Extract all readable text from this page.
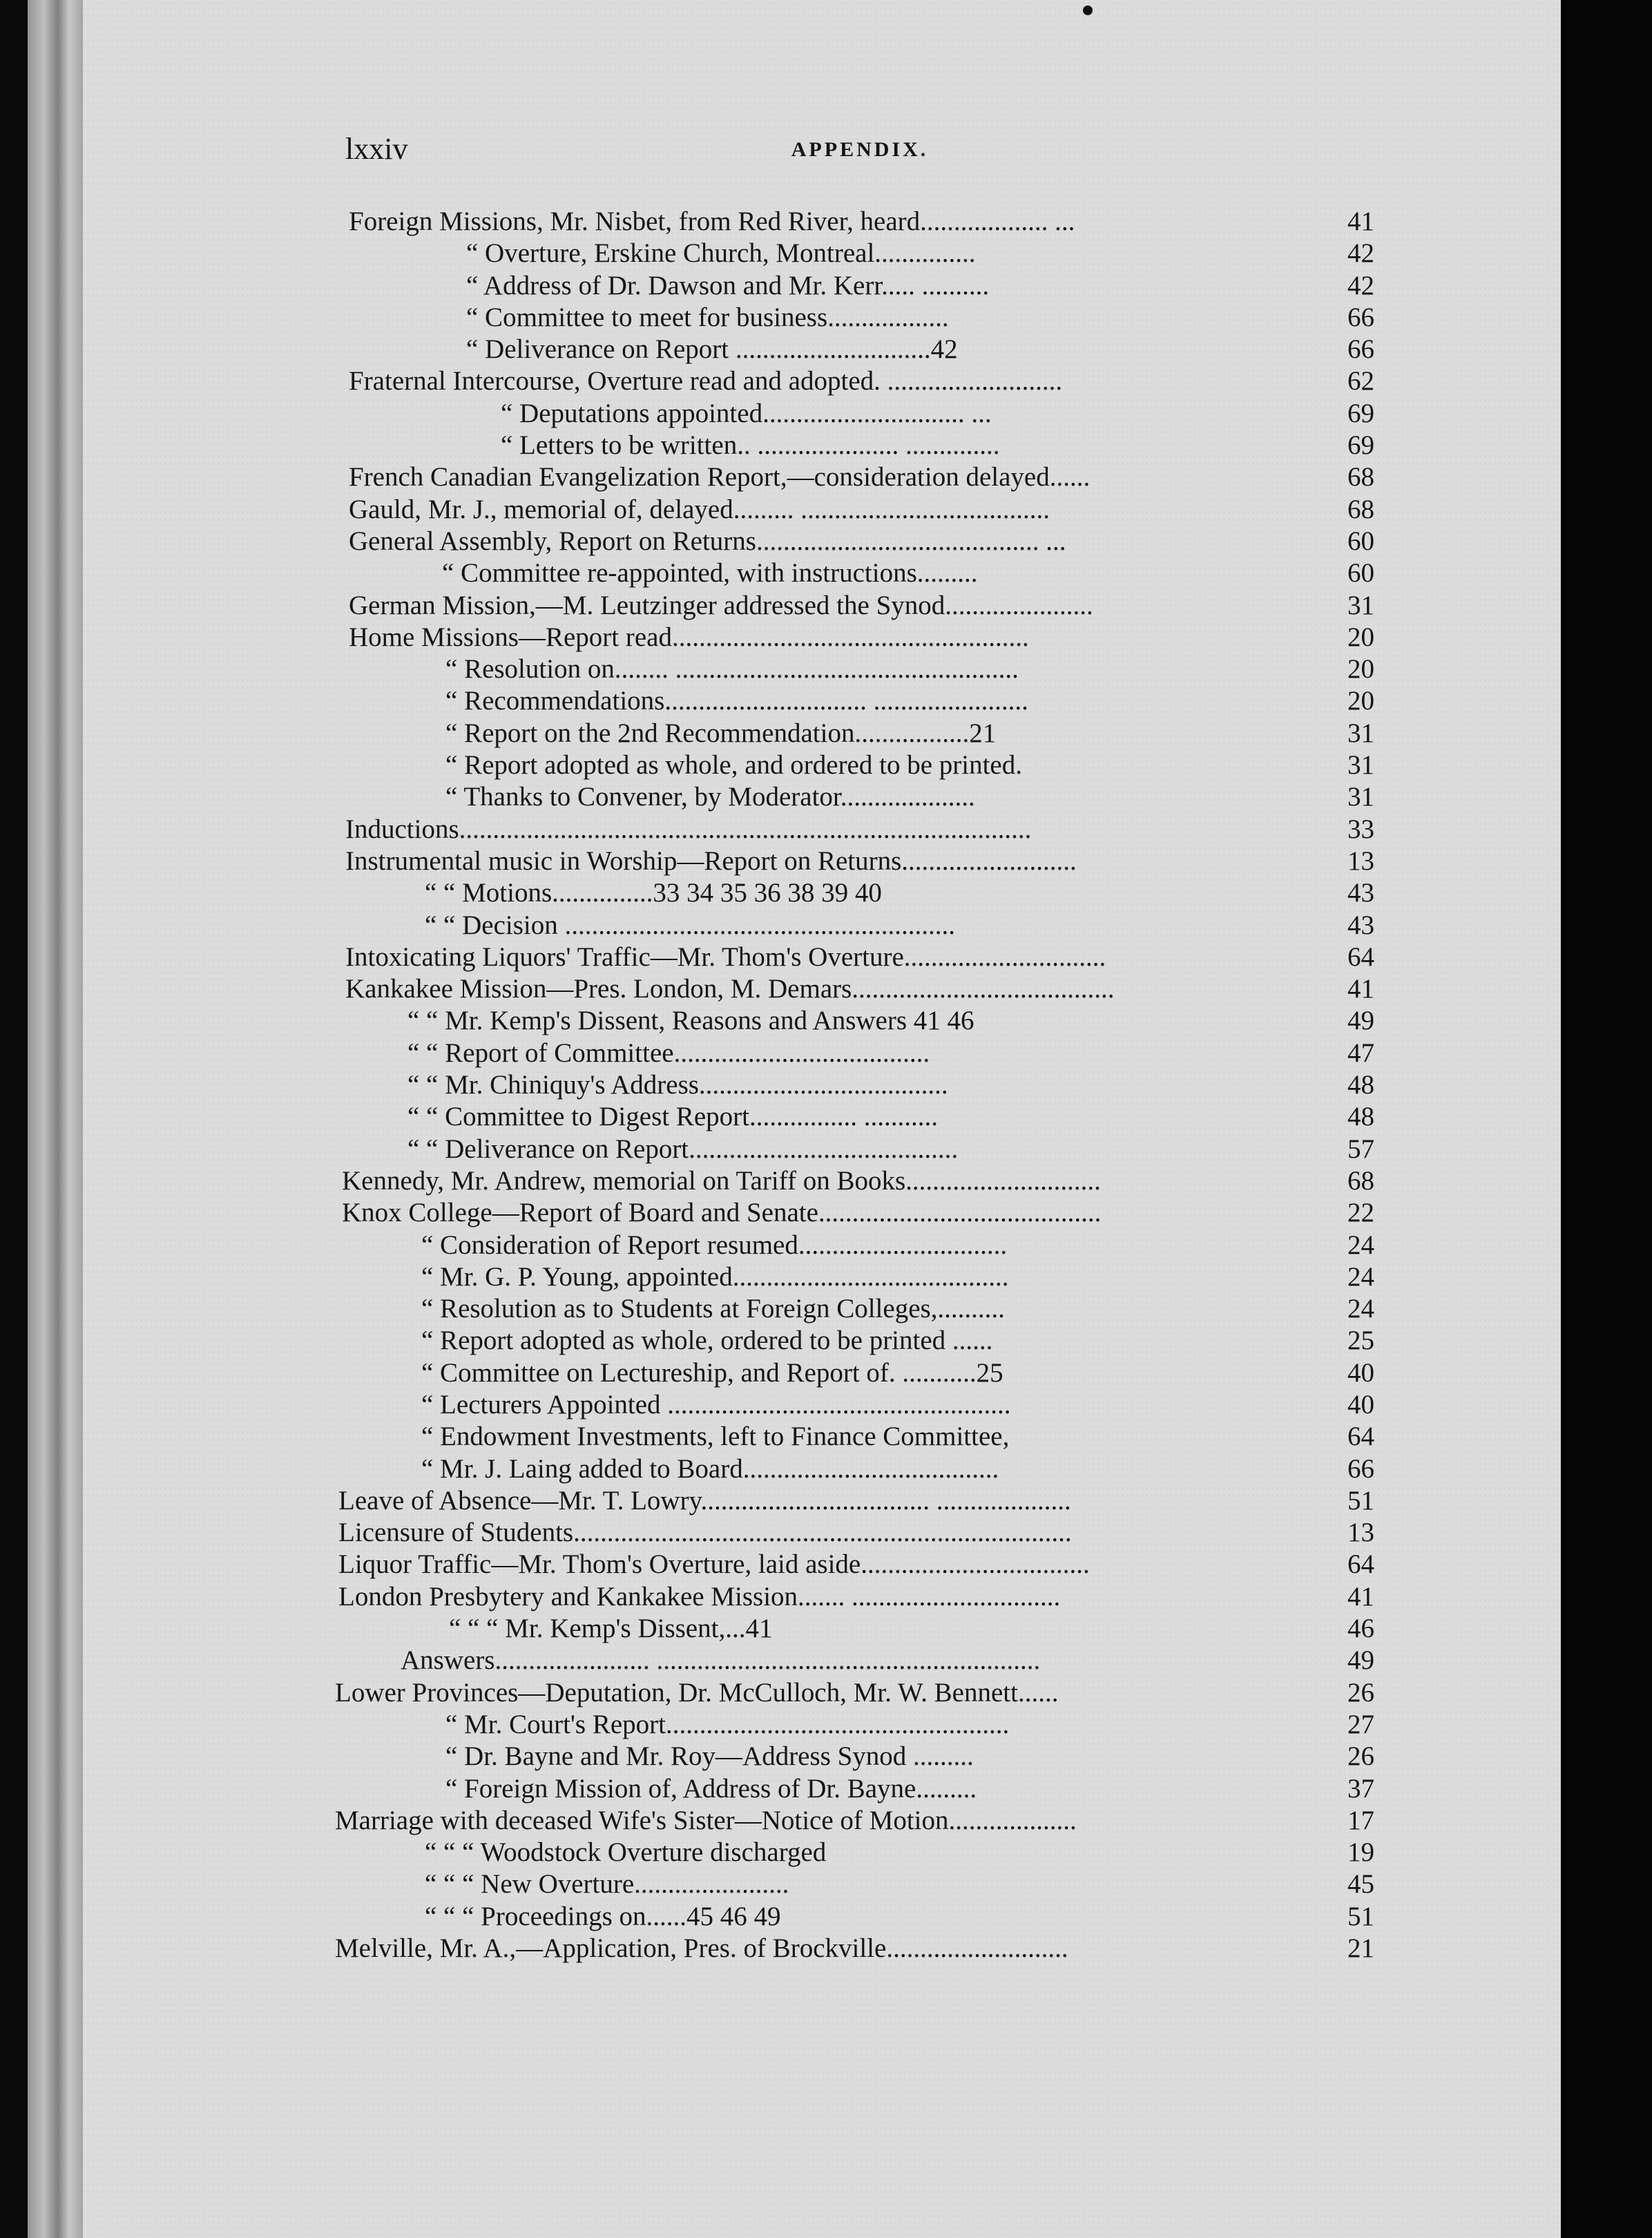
lxxiv	APPENDIX.
Foreign Missions, Mr. Nisbet, from Red River, heard................... ...	41
“ Overture, Erskine Church, Montreal...............	42
“ Address of Dr. Dawson and Mr. Kerr..... ..........	42
“ Committee to meet for business..................	66
“ Deliverance on Report .............................42	66
Fraternal Intercourse, Overture read and adopted. ..........................	62
“ Deputations appointed.............................. ...	69
“ Letters to be written.. ..................... ..............	69
French Canadian Evangelization Report,—consideration delayed......	68
Gauld, Mr. J., memorial of, delayed......... .....................................	68
General Assembly, Report on Returns.......................................... ...	60
“ Committee re-appointed, with instructions.........	60
German Mission,—M. Leutzinger addressed the Synod......................	31
Home Missions—Report read.....................................................	20
“ Resolution on........ ...................................................	20
“ Recommendations.............................. .......................	20
“ Report on the 2nd Recommendation.................21	31
“ Report adopted as whole, and ordered to be printed.	31
“ Thanks to Convener, by Moderator....................	31
Inductions.....................................................................................	33
Instrumental music in Worship—Report on Returns..........................	13
“ “ Motions...............33 34 35 36 38 39 40	43
“ “ Decision ..........................................................	43
Intoxicating Liquors' Traffic—Mr. Thom's Overture..............................	64
Kankakee Mission—Pres. London, M. Demars.......................................	41
“ “ Mr. Kemp's Dissent, Reasons and Answers 41 46	49
“ “ Report of Committee......................................	47
“ “ Mr. Chiniquy's Address.....................................	48
“ “ Committee to Digest Report................ ...........	48
“ “ Deliverance on Report........................................	57
Kennedy, Mr. Andrew, memorial on Tariff on Books.............................	68
Knox College—Report of Board and Senate..........................................	22
“ Consideration of Report resumed...............................	24
“ Mr. G. P. Young, appointed.........................................	24
“ Resolution as to Students at Foreign Colleges,..........	24
“ Report adopted as whole, ordered to be printed ......	25
“ Committee on Lectureship, and Report of. ...........25	40
“ Lecturers Appointed ...................................................	40
“ Endowment Investments, left to Finance Committee,	64
“ Mr. J. Laing added to Board......................................	66
Leave of Absence—Mr. T. Lowry.................................. ....................	51
Licensure of Students..........................................................................	13
Liquor Traffic—Mr. Thom's Overture, laid aside..................................	64
London Presbytery and Kankakee Mission....... ...............................	41
“ “ “ Mr. Kemp's Dissent,...41	46
Answers....................... .........................................................	49
Lower Provinces—Deputation, Dr. McCulloch, Mr. W. Bennett......	26
“ Mr. Court's Report...................................................	27
“ Dr. Bayne and Mr. Roy—Address Synod .........	26
“ Foreign Mission of, Address of Dr. Bayne.........	37
Marriage with deceased Wife's Sister—Notice of Motion...................	17
“ “ “ Woodstock Overture discharged	19
“ “ “ New Overture.......................	45
“ “ “ Proceedings on......45 46 49	51
Melville, Mr. A.,—Application, Pres. of Brockville...........................	21
